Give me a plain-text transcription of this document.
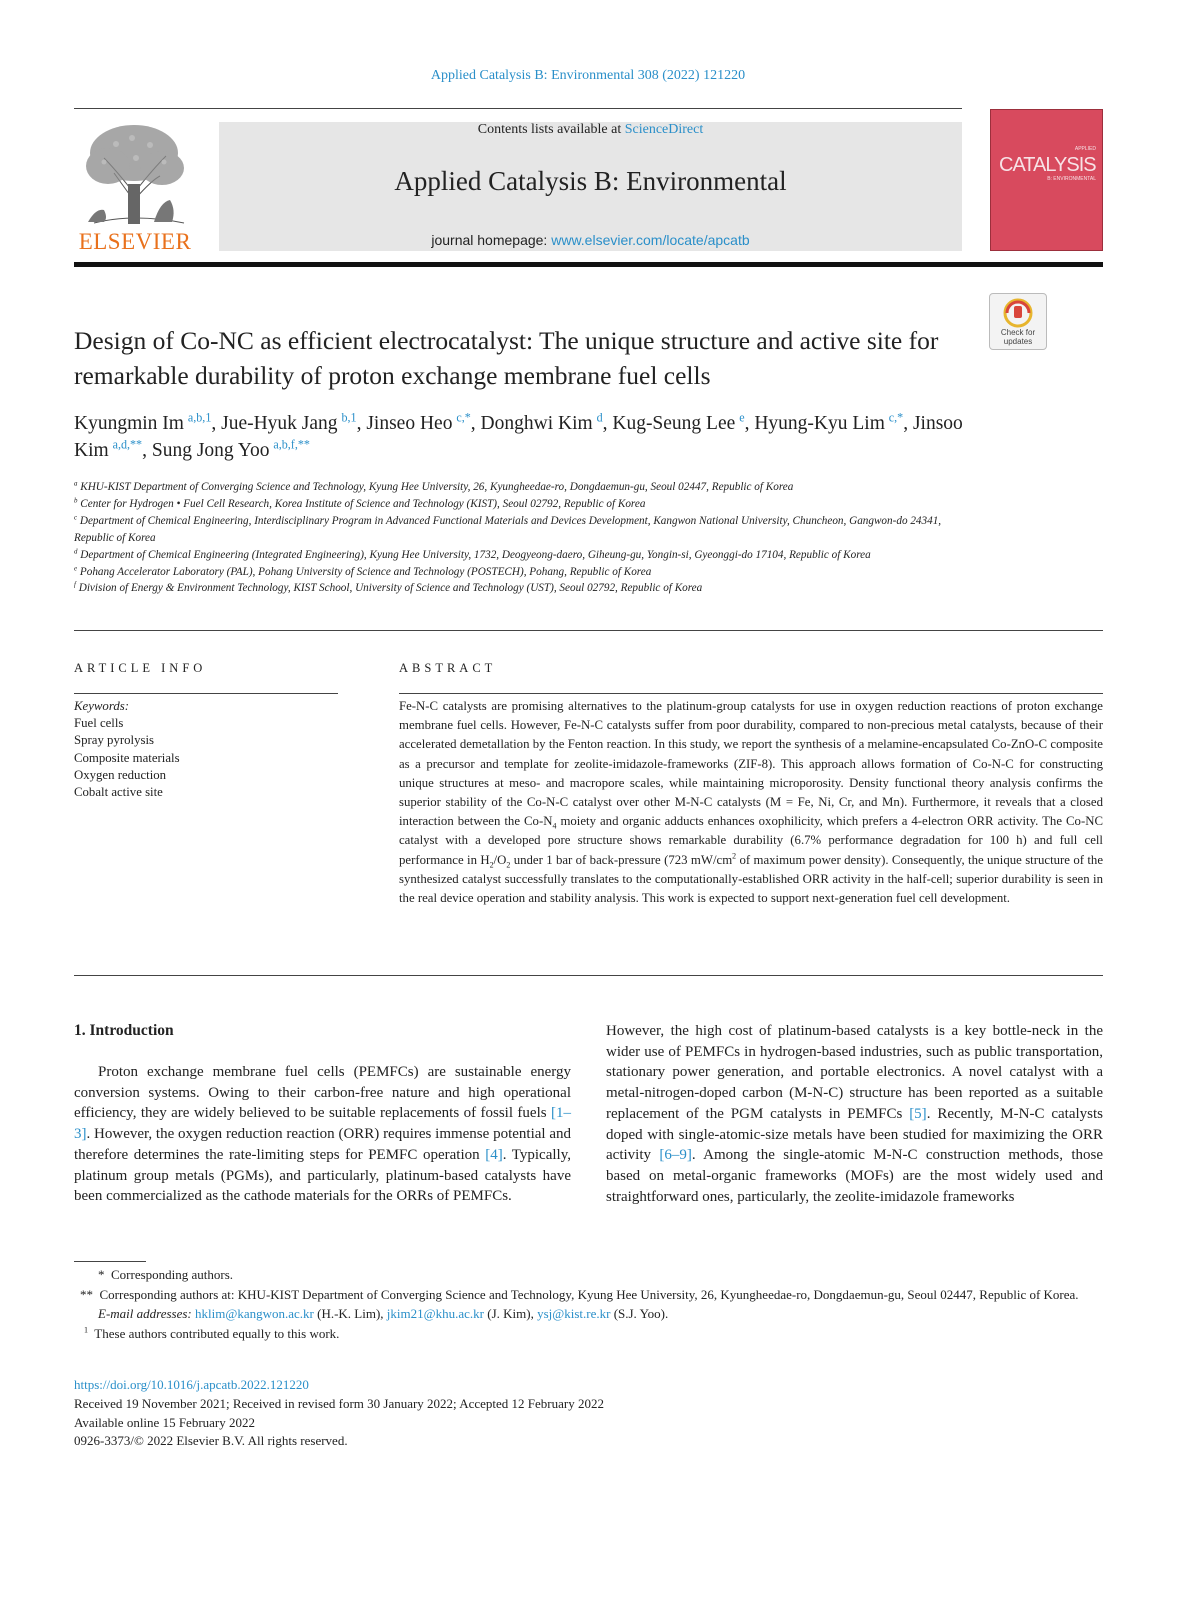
Applied Catalysis B: Environmental 308 (2022) 121220
ELSEVIER
Contents lists available at ScienceDirect
Applied Catalysis B: Environmental
journal homepage: www.elsevier.com/locate/apcatb
APPLIED
CATALYSIS
B: ENVIRONMENTAL
Check for updates
Design of Co-NC as efficient electrocatalyst: The unique structure and active site for remarkable durability of proton exchange membrane fuel cells
Kyungmin Im  $^{a,b,1}$, Jue-Hyuk Jang  $^{b,1}$, Jinseo Heo  $^{c,*}$, Donghwi Kim  $^d$, Kug-Seung Lee  $^e$, Hyung-Kyu Lim  $^{c,*}$, Jinsoo Kim  $^{a,d,**}$, Sung Jong Yoo  $^{a,b,f,**}$
$^a$ KHU-KIST Department of Converging Science and Technology, Kyung Hee University, 26, Kyungheedae-ro, Dongdaemun-gu, Seoul 02447, Republic of Korea
$^b$ Center for Hydrogen • Fuel Cell Research, Korea Institute of Science and Technology (KIST), Seoul 02792, Republic of Korea
$^c$ Department of Chemical Engineering, Interdisciplinary Program in Advanced Functional Materials and Devices Development, Kangwon National University, Chuncheon, Gangwon-do 24341, Republic of Korea
$^d$ Department of Chemical Engineering (Integrated Engineering), Kyung Hee University, 1732, Deogyeong-daero, Giheung-gu, Yongin-si, Gyeonggi-do 17104, Republic of Korea
$^e$ Pohang Accelerator Laboratory (PAL), Pohang University of Science and Technology (POSTECH), Pohang, Republic of Korea
$^f$ Division of Energy & Environment Technology, KIST School, University of Science and Technology (UST), Seoul 02792, Republic of Korea
ARTICLE INFO	ABSTRACT
Keywords:
Fuel cells
Spray pyrolysis
Composite materials
Oxygen reduction
Cobalt active site
Fe-N-C catalysts are promising alternatives to the platinum-group catalysts for use in oxygen reduction reactions of proton exchange membrane fuel cells. However, Fe-N-C catalysts suffer from poor durability, compared to non-precious metal catalysts, because of their accelerated demetallation by the Fenton reaction. In this study, we report the synthesis of a melamine-encapsulated Co-ZnO-C composite as a precursor and template for zeolite-imidazole-frameworks (ZIF-8). This approach allows formation of Co-N-C for constructing unique structures at meso- and macropore scales, while maintaining microporosity. Density functional theory analysis confirms the superior stability of the Co-N-C catalyst over other M-N-C catalysts (M = Fe, Ni, Cr, and Mn). Furthermore, it reveals that a closed interaction between the $Co-N_4$ moiety and organic adducts enhances oxophilicity, which prefers a 4-electron ORR activity. The Co-NC catalyst with a developed pore structure shows remarkable durability (6.7% performance degradation for 100 h) and full cell performance in $H_2/O_2$ under 1 bar of back-pressure (723 $mW/cm^2$ of maximum power density). Consequently, the unique structure of the synthesized catalyst successfully translates to the computationally-established ORR activity in the half-cell; superior durability is seen in the real device operation and stability analysis. This work is expected to support next-generation fuel cell development.
1. Introduction
Proton exchange membrane fuel cells (PEMFCs) are sustainable energy conversion systems. Owing to their carbon-free nature and high operational efficiency, they are widely believed to be suitable replacements of fossil fuels [1–3]. However, the oxygen reduction reaction (ORR) requires immense potential and therefore determines the rate-limiting steps for PEMFC operation [4]. Typically, platinum group metals (PGMs), and particularly, platinum-based catalysts have been commercialized as the cathode materials for the ORRs of PEMFCs.
However, the high cost of platinum-based catalysts is a key bottle-neck in the wider use of PEMFCs in hydrogen-based industries, such as public transportation, stationary power generation, and portable electronics. A novel catalyst with a metal-nitrogen-doped carbon (M-N-C) structure has been reported as a suitable replacement of the PGM catalysts in PEMFCs [5]. Recently, M-N-C catalysts doped with single-atomic-size metals have been studied for maximizing the ORR activity [6–9]. Among the single-atomic M-N-C construction methods, those based on metal-organic frameworks (MOFs) are the most widely used and straightforward ones, particularly, the zeolite-imidazole frameworks
* Corresponding authors.
** Corresponding authors at: KHU-KIST Department of Converging Science and Technology, Kyung Hee University, 26, Kyungheedae-ro, Dongdaemun-gu, Seoul 02447, Republic of Korea.
E-mail addresses: hklim@kangwon.ac.kr (H.-K. Lim), jkim21@khu.ac.kr (J. Kim), ysj@kist.re.kr (S.J. Yoo).
$^1$ These authors contributed equally to this work.
https://doi.org/10.1016/j.apcatb.2022.121220
Received 19 November 2021; Received in revised form 30 January 2022; Accepted 12 February 2022
Available online 15 February 2022
0926-3373/© 2022 Elsevier B.V. All rights reserved.
